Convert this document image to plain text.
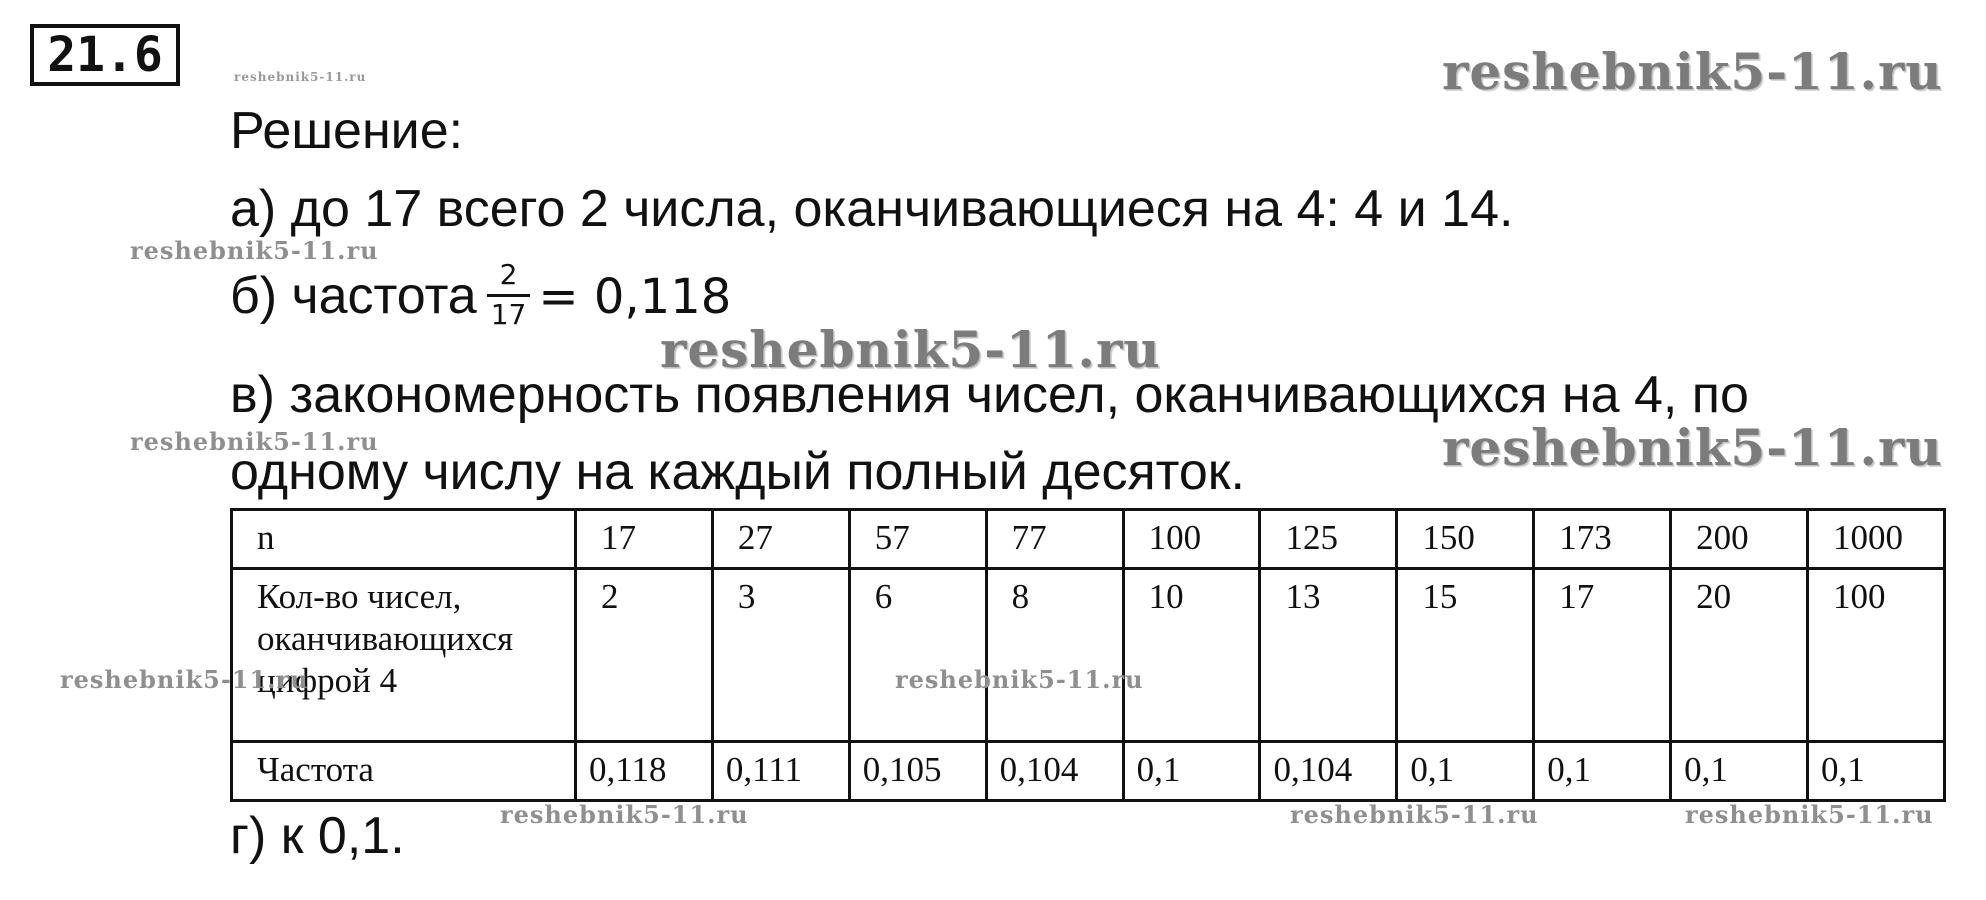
21.6	reshebnik5-11.ru	reshebnik5-11.ru
reshebnik5-11.ru
reshebnik5-11.ru
reshebnik5-11.ru	reshebnik5-11.ru
Решение:
а) до 17 всего 2 числа, оканчивающиеся на 4: 4 и 14.
б) частота $\frac{2}{17} = 0,118$
в) закономерность появления чисел, оканчивающихся на 4, по
одному числу на каждый полный десяток.
n	17	27	57	77	100	125	150	173	200	1000
Кол-во чисел, оканчивающихся цифрой 4	2	3	6	8	10	13	15	17	20	100
Частота	0,118	0,111	0,105	0,104	0,1	0,104	0,1	0,1	0,1	0,1
reshebnik5-11.ru	reshebnik5-11.ru
г) к 0,1.	reshebnik5-11.ru	reshebnik5-11.ru	reshebnik5-11.ru
